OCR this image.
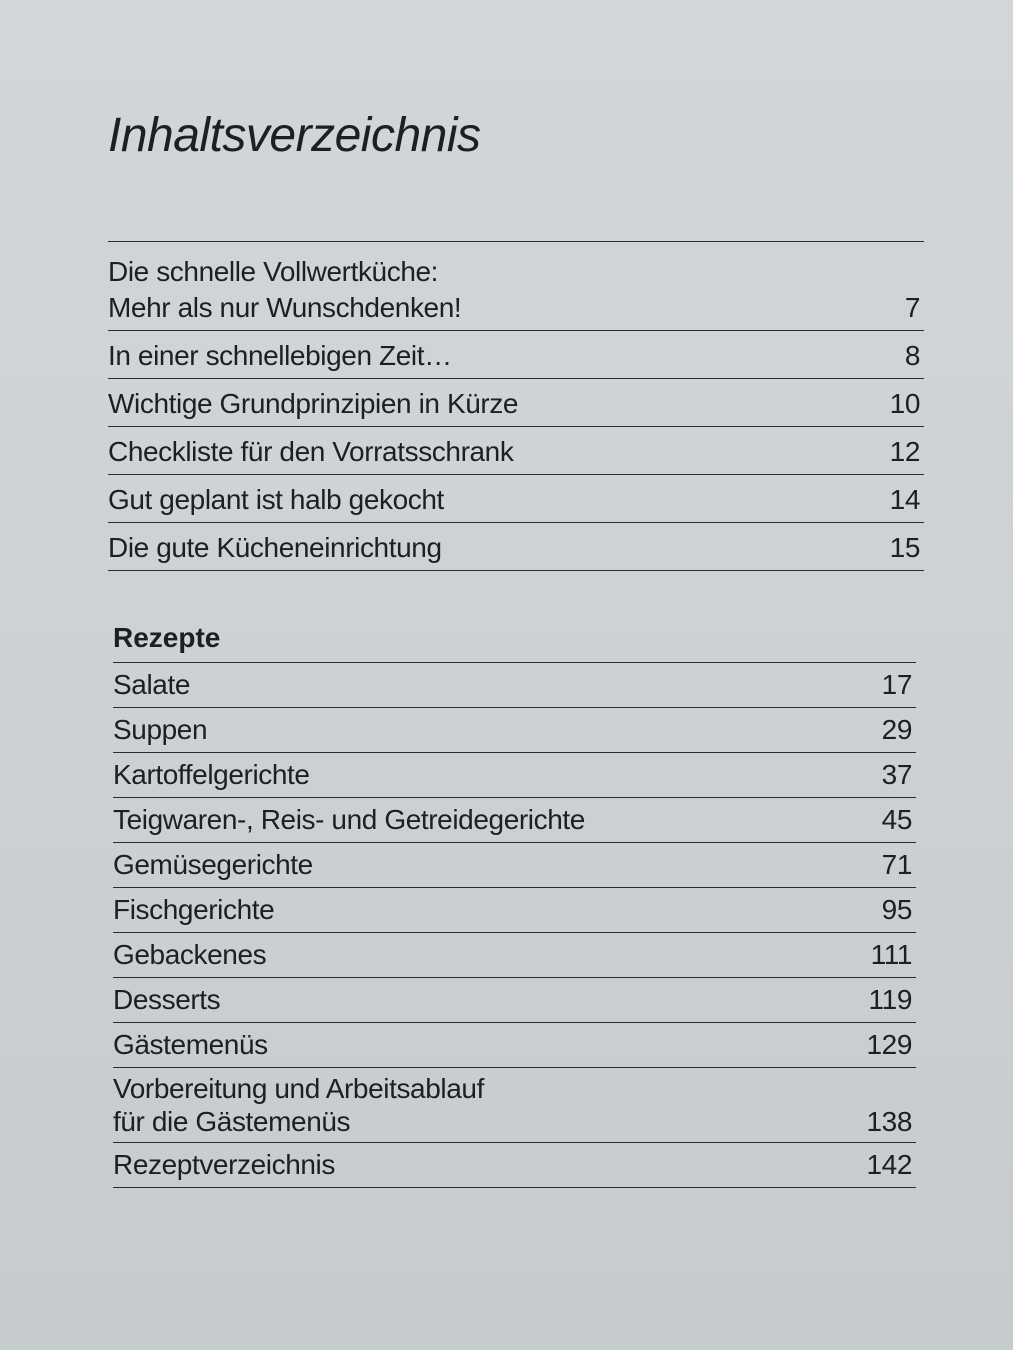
Inhaltsverzeichnis
Die schnelle Vollwertküche:
Mehr als nur Wunschdenken!	7
In einer schnellebigen Zeit…	8
Wichtige Grundprinzipien in Kürze	10
Checkliste für den Vorratsschrank	12
Gut geplant ist halb gekocht	14
Die gute Kücheneinrichtung	15
Rezepte
Salate	17
Suppen	29
Kartoffelgerichte	37
Teigwaren-, Reis- und Getreidegerichte	45
Gemüsegerichte	71
Fischgerichte	95
Gebackenes	111
Desserts	119
Gästemenüs	129
Vorbereitung und Arbeitsablauf
für die Gästemenüs	138
Rezeptverzeichnis	142
